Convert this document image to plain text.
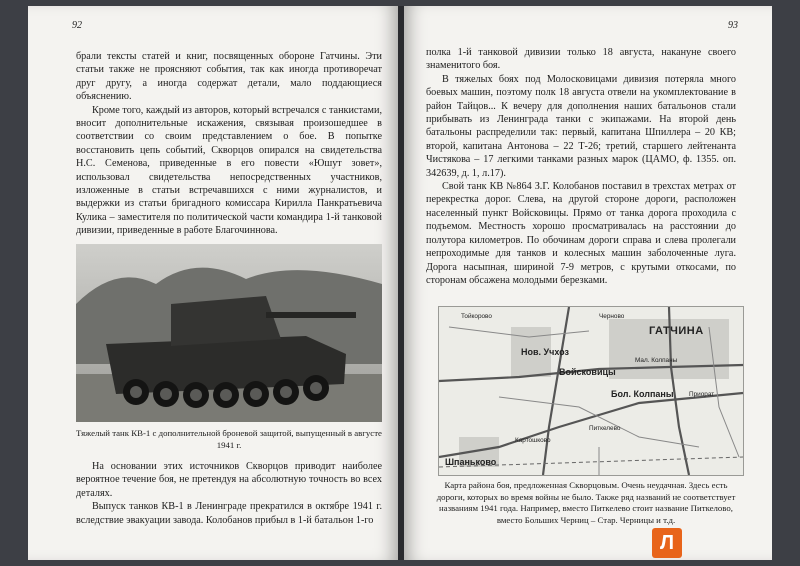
92

брали тексты статей и книг, посвященных обороне Гатчины. Эти статьи также не проясняют события, так как иногда противоречат друг другу, а иногда содержат детали, мало поддающиеся объяснению.

Кроме того, каждый из авторов, который встречался с танкистами, вносит дополнительные искажения, связывая произошедшее в соответствии со своим представлением о бое. В попытке восстановить цепь событий, Скворцов опирался на свидетельства Н.С. Семенова, приведенные в его повести «Юшут зовет», использовал свидетельства непосредственных участников, изложенные в статьи встречавшихся с ними журналистов, и выдержки из статьи бригадного комиссара Кирилла Панкратьевича Кулика – заместителя по политической части командира 1-й танковой дивизии, приведенные в работе Благочиннова.

Тяжелый танк КВ-1 с дополнительной броневой защитой, выпущенный в августе 1941 г.

На основании этих источников Скворцов приводит наиболее вероятное течение боя, не претендуя на абсолютную точность во всех деталях.

Выпуск танков КВ-1 в Ленинграде прекратился в октябре 1941 г. вследствие эвакуации завода. Колобанов прибыл в 1-й батальон 1-го

93

полка 1-й танковой дивизии только 18 августа, накануне своего знаменитого боя.

В тяжелых боях под Молосковицами дивизия потеряла много боевых машин, поэтому полк 18 августа отвели на укомплектование в район Тайцов... К вечеру для дополнения наших батальонов стали прибывать из Ленинграда танки с экипажами. На второй день батальоны распределили так: первый, капитана Шпиллера – 20 КВ; второй, капитана Антонова – 22 Т-26; третий, старшего лейтенанта Чистякова – 17 легкими танками разных марок (ЦАМО, ф. 1355. оп. 342639, д. 1, л.17).

Свой танк КВ №864 З.Г. Колобанов поставил в трехстах метрах от перекрестка дорог. Слева, на другой стороне дороги, расположен населенный пункт Войсковицы. Прямо от танка дорога проходила с подъемом. Местность хорошо просматривалась на расстоянии до полутора километров. По обочинам дороги справа и слева пролегали непроходимые для танков и колесных машин заболоченные луга. Дорога насыпная, шириной 7-9 метров, с крутыми откосами, по сторонам обсажена молодыми березками.

Тойкорово	Черново
ГАТЧИНА
Нов. Учхоз
Войсковицы
Мал. Колпаны
Бол. Колпаны Приорат
Питкелево
Картошково
Шпаньково
Карта района боя, предложенная Скворцовым. Очень неудачная. Здесь есть дороги, которых во время войны не было. Также ряд названий не соответствует названиям 1941 года. Например, вместо Питкелево стоит название Питкелово, вместо Больших Черниц – Стар. Черницы и т.д.
Л
